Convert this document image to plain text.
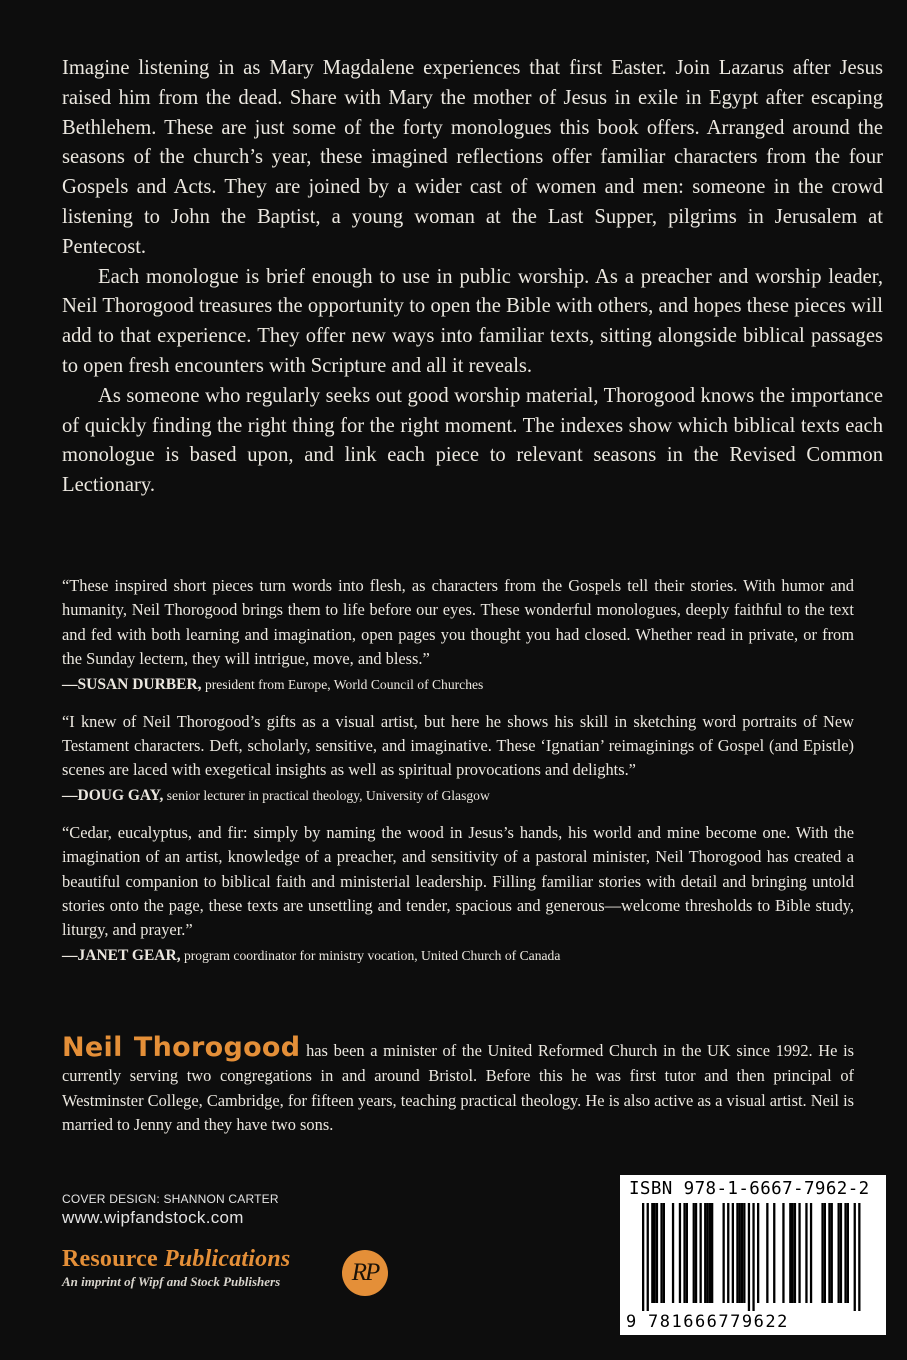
Imagine listening in as Mary Magdalene experiences that first Easter. Join Lazarus after Jesus raised him from the dead. Share with Mary the mother of Jesus in exile in Egypt after escaping Bethlehem. These are just some of the forty monologues this book offers. Arranged around the seasons of the church’s year, these imagined reflections offer familiar characters from the four Gospels and Acts. They are joined by a wider cast of women and men: someone in the crowd listening to John the Baptist, a young woman at the Last Supper, pilgrims in Jerusalem at Pentecost.

Each monologue is brief enough to use in public worship. As a preacher and worship leader, Neil Thorogood treasures the opportunity to open the Bible with others, and hopes these pieces will add to that experience. They offer new ways into familiar texts, sitting alongside biblical passages to open fresh encounters with Scripture and all it reveals.

As someone who regularly seeks out good worship material, Thorogood knows the importance of quickly finding the right thing for the right moment. The indexes show which biblical texts each monologue is based upon, and link each piece to relevant seasons in the Revised Common Lectionary.

“These inspired short pieces turn words into flesh, as characters from the Gospels tell their stories. With humor and humanity, Neil Thorogood brings them to life before our eyes. These wonderful monologues, deeply faithful to the text and fed with both learning and imagination, open pages you thought you had closed. Whether read in private, or from the Sunday lectern, they will intrigue, move, and bless.”

—SUSAN DURBER, president from Europe, World Council of Churches

“I knew of Neil Thorogood’s gifts as a visual artist, but here he shows his skill in sketching word portraits of New Testament characters. Deft, scholarly, sensitive, and imaginative. These ‘Ignatian’ reimaginings of Gospel (and Epistle) scenes are laced with exegetical insights as well as spiritual provocations and delights.”

—DOUG GAY, senior lecturer in practical theology, University of Glasgow

“Cedar, eucalyptus, and fir: simply by naming the wood in Jesus’s hands, his world and mine become one. With the imagination of an artist, knowledge of a preacher, and sensitivity of a pastoral minister, Neil Thorogood has created a beautiful companion to biblical faith and ministerial leadership. Filling familiar stories with detail and bringing untold stories onto the page, these texts are unsettling and tender, spacious and generous—welcome thresholds to Bible study, liturgy, and prayer.”

—JANET GEAR, program coordinator for ministry vocation, United Church of Canada
Neil Thorogood has been a minister of the United Reformed Church in the UK since 1992. He is currently serving two congregations in and around Bristol. Before this he was first tutor and then principal of Westminster College, Cambridge, for fifteen years, teaching practical theology. He is also active as a visual artist. Neil is married to Jenny and they have two sons.
COVER DESIGN: SHANNON CARTER
www.wipfandstock.com
Resource Publications
An imprint of Wipf and Stock Publishers	RP
ISBN 978-1-6667-7962-2
9 781666779622
